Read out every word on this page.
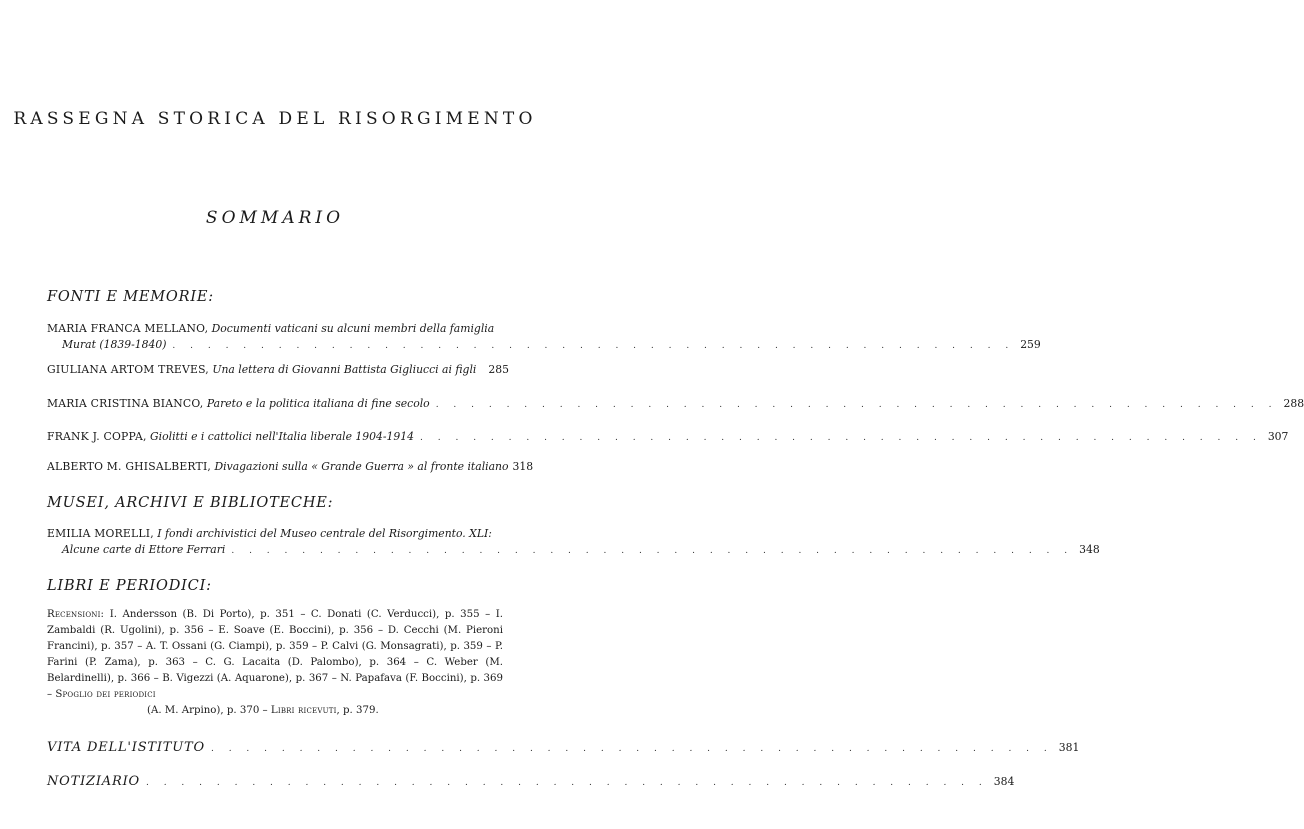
RASSEGNA STORICA DEL RISORGIMENTO
SOMMARIO
FONTI E MEMORIE:
MARIA FRANCA MELLANO, Documenti vaticani su alcuni membri della famiglia
Murat (1839-1840) . . . . . . . . . . . . . . . . . . . . . . . . . . . . . . . . . . . . . . . . . . . . . . . . 259
GIULIANA ARTOM TREVES,
Una lettera di Giovanni Battista Gigliucci ai figli 285
MARIA CRISTINA BIANCO,
Pareto e la politica italiana di fine secolo . . . . . . . . . . . . . . . . . . . . . . . . . . . . . . . . . . . . . . . . . . . . . . . . 288
FRANK J. COPPA,
Giolitti e i cattolici nell'Italia liberale 1904-1914 . . . . . . . . . . . . . . . . . . . . . . . . . . . . . . . . . . . . . . . . . . . . . . . . 307
ALBERTO M. GHISALBERTI,
Divagazioni sulla « Grande Guerra » al fronte italiano 318
MUSEI, ARCHIVI E BIBLIOTECHE:
EMILIA MORELLI, I fondi archivistici del Museo centrale del Risorgimento. XLI:
Alcune carte di Ettore Ferrari . . . . . . . . . . . . . . . . . . . . . . . . . . . . . . . . . . . . . . . . . . . . . . . . 348
LIBRI E PERIODICI:
Recensioni: I. Andersson (B. Di Porto), p. 351 – C. Donati (C. Verducci), p. 355 – I. Zambaldi (R. Ugolini), p. 356 – E. Soave (E. Boccini), p. 356 – D. Cecchi (M. Pieroni Francini), p. 357 – A. T. Ossani (G. Ciampi), p. 359 – P. Calvi (G. Monsagrati), p. 359 – P. Farini (P. Zama), p. 363 – C. G. Lacaita (D. Palombo), p. 364 – C. Weber (M. Belardinelli), p. 366 – B. Vigezzi (A. Aquarone), p. 367 – N. Papafava (F. Boccini), p. 369 – Spoglio dei periodici
(A. M. Arpino), p. 370 – Libri ricevuti, p. 379.
VITA DELL'ISTITUTO . . . . . . . . . . . . . . . . . . . . . . . . . . . . . . . . . . . . . . . . . . . . . . . . 381
NOTIZIARIO . . . . . . . . . . . . . . . . . . . . . . . . . . . . . . . . . . . . . . . . . . . . . . . . 384
